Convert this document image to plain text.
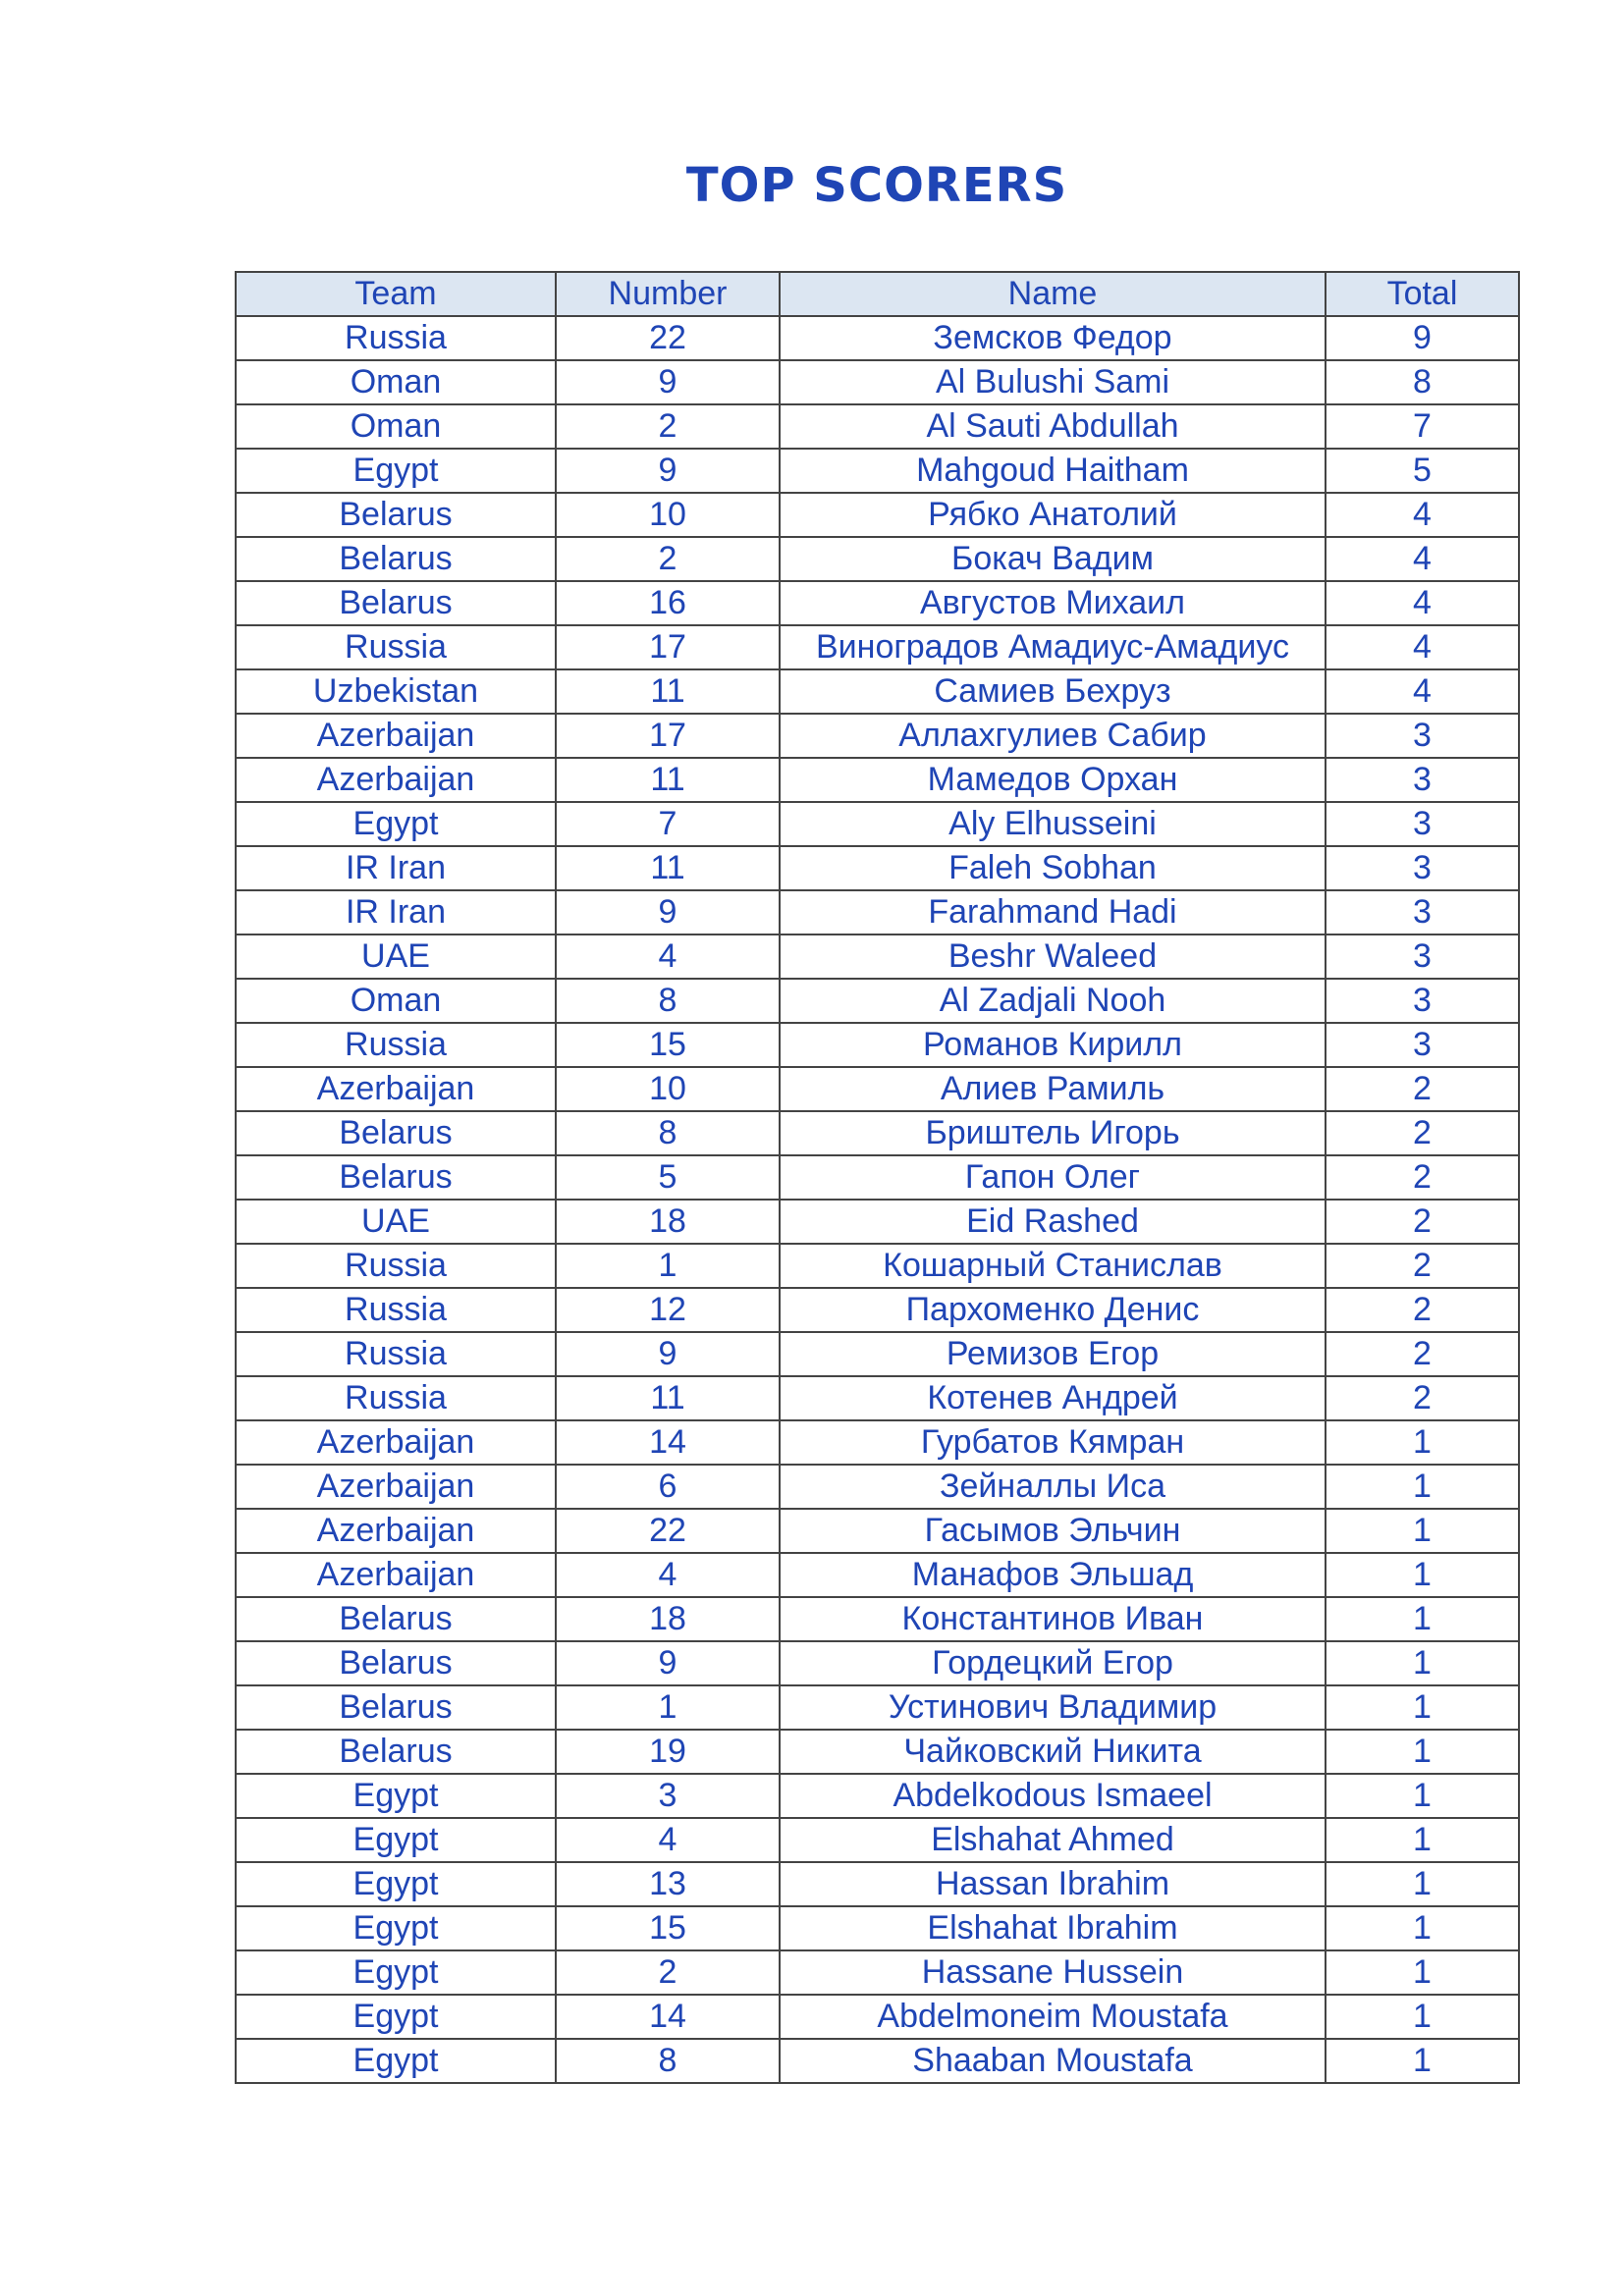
TOP SCORERS
Team	Number	Name	Total
Russia	22	Земсков Федор	9
Oman	9	Al Bulushi Sami	8
Oman	2	Al Sauti Abdullah	7
Egypt	9	Mahgoud Haitham	5
Belarus	10	Рябко Анатолий	4
Belarus	2	Бокач Вадим	4
Belarus	16	Августов Михаил	4
Russia	17	Виноградов Амадиус-Амадиус	4
Uzbekistan	11	Самиев Бехруз	4
Azerbaijan	17	Аллахгулиев Сабир	3
Azerbaijan	11	Мамедов Орхан	3
Egypt	7	Aly Elhusseini	3
IR Iran	11	Faleh Sobhan	3
IR Iran	9	Farahmand Hadi	3
UAE	4	Beshr Waleed	3
Oman	8	Al Zadjali Nooh	3
Russia	15	Романов Кирилл	3
Azerbaijan	10	Алиев Рамиль	2
Belarus	8	Бриштель Игорь	2
Belarus	5	Гапон Олег	2
UAE	18	Eid Rashed	2
Russia	1	Кошарный Станислав	2
Russia	12	Пархоменко Денис	2
Russia	9	Ремизов Егор	2
Russia	11	Котенев Андрей	2
Azerbaijan	14	Гурбатов Кямран	1
Azerbaijan	6	Зейналлы Иса	1
Azerbaijan	22	Гасымов Эльчин	1
Azerbaijan	4	Манафов Эльшад	1
Belarus	18	Константинов Иван	1
Belarus	9	Гордецкий Егор	1
Belarus	1	Устинович Владимир	1
Belarus	19	Чайковский Никита	1
Egypt	3	Abdelkodous Ismaeel	1
Egypt	4	Elshahat Ahmed	1
Egypt	13	Hassan Ibrahim	1
Egypt	15	Elshahat Ibrahim	1
Egypt	2	Hassane Hussein	1
Egypt	14	Abdelmoneim Moustafa	1
Egypt	8	Shaaban Moustafa	1
